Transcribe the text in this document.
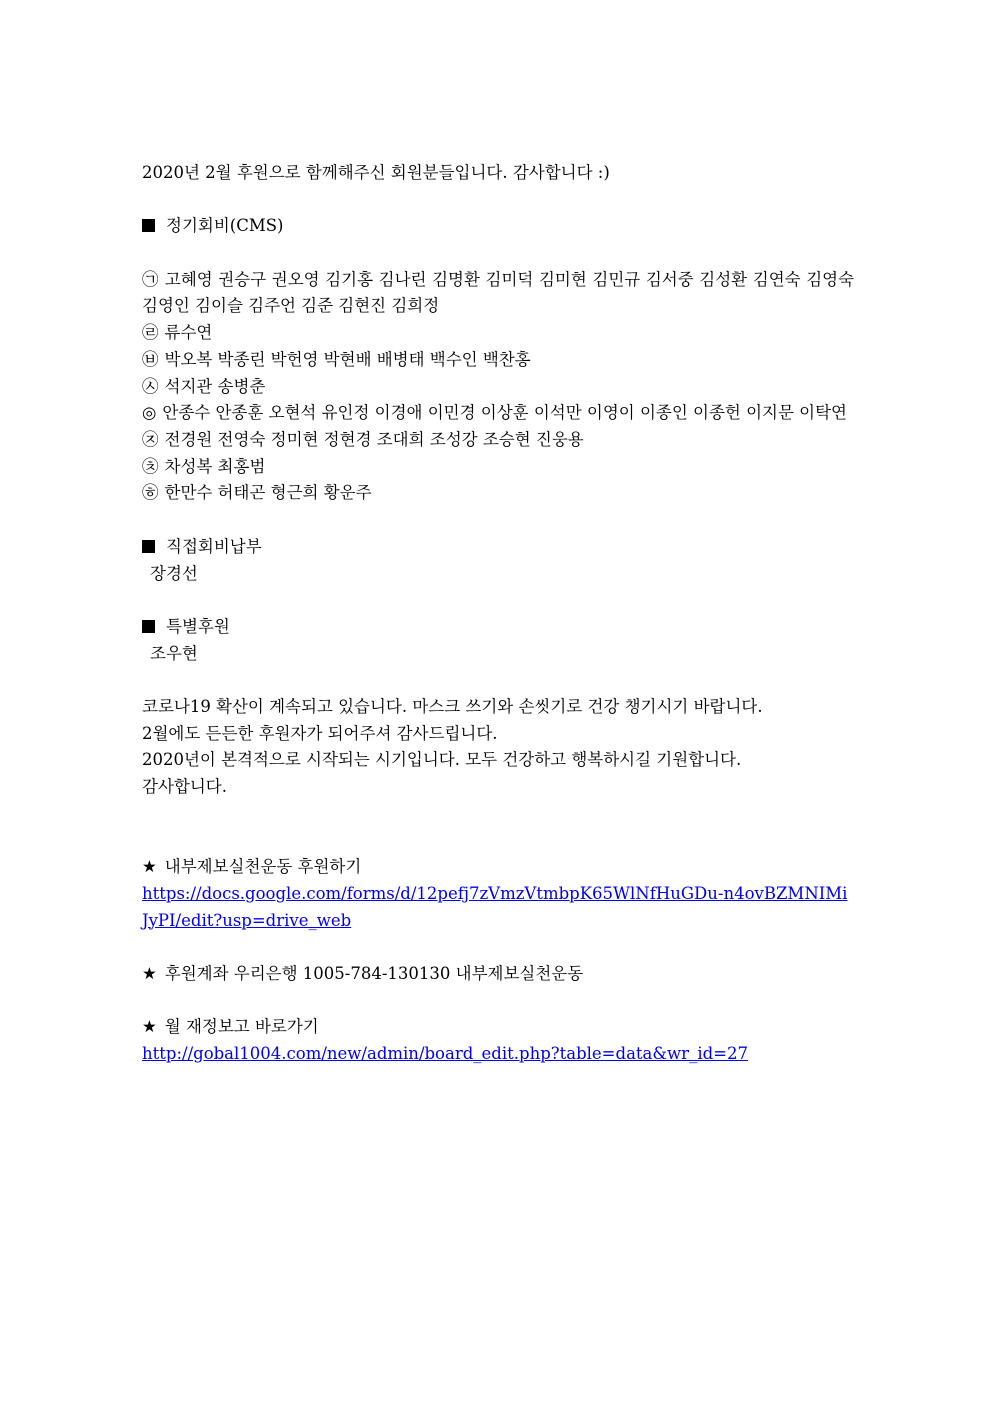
2020년 2월 후원으로 함께해주신 회원분들입니다. 감사합니다 :)
정기회비(CMS)
㉠ 고혜영 권승구 권오영 김기홍 김나린 김명환 김미덕 김미현 김민규 김서중 김성환 김연숙 김영숙 김영인 김이슬 김주언 김준 김현진 김희정
㉣ 류수연
㉥ 박오복 박종린 박헌영 박현배 배병태 백수인 백찬홍
㉦ 석지관 송병춘
◎ 안종수 안종훈 오현석 유인정 이경애 이민경 이상훈 이석만 이영이 이종인 이종헌 이지문 이탁연
㉨ 전경원 전영숙 정미현 정현경 조대희 조성강 조승현 진웅용
㉩ 차성복 최홍범
㉭ 한만수 허태곤 형근희 황운주
직접회비납부
장경선
특별후원
조우현
코로나19 확산이 계속되고 있습니다. 마스크 쓰기와 손씻기로 건강 챙기시기 바랍니다.
2월에도 든든한 후원자가 되어주셔 감사드립니다.
2020년이 본격적으로 시작되는 시기입니다. 모두 건강하고 행복하시길 기원합니다.
감사합니다.
★ 내부제보실천운동 후원하기
https://docs.google.com/forms/d/12pefj7zVmzVtmbpK65WlNfHuGDu-n4ovBZMNIMiJyPI/edit?usp=drive_web
★ 후원계좌 우리은행 1005-784-130130 내부제보실천운동
★ 월 재정보고 바로가기
http://gobal1004.com/new/admin/board_edit.php?table=data&wr_id=27
